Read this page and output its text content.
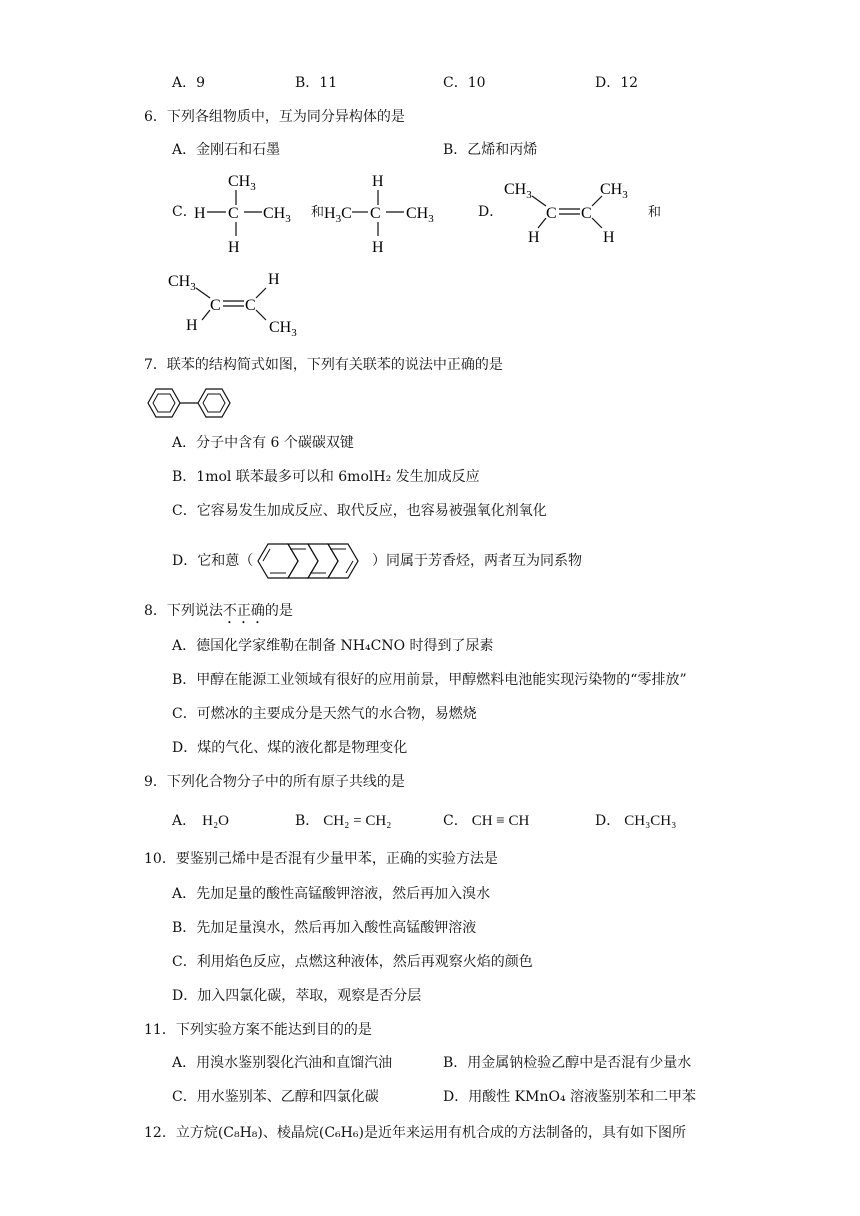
A．9	B．11	C．10	D．12
6．下列各组物质中，互为同分异构体的是
A．金刚石和石墨	B．乙烯和丙烯
C．
$CH_3$
H C $CH_3$
H
和
H
$H_3C$ C $CH_3$
H
D．
$CH_3$
C C
$CH_3$
H	H
和
$CH_3$
C C
H
H	$CH_3$
7．联苯的结构简式如图，下列有关联苯的说法中正确的是
A．分子中含有 6 个碳碳双键
B．1mol 联苯最多可以和 6molH₂ 发生加成反应
C．它容易发生加成反应、取代反应，也容易被强氧化剂氧化
D．它和蒽（	）同属于芳香烃，两者互为同系物
8．下列说法不正确的是
A．德国化学家维勒在制备 NH₄CNO 时得到了尿素
B．甲醇在能源工业领域有很好的应用前景，甲醇燃料电池能实现污染物的“零排放”
C．可燃冰的主要成分是天然气的水合物，易燃烧
D．煤的气化、煤的液化都是物理变化
9．下列化合物分子中的所有原子共线的是
A． H₂O	B． CH₂ = CH₂	C． CH ≡ CH	D． CH₃CH₃
10．要鉴别己烯中是否混有少量甲苯，正确的实验方法是
A．先加足量的酸性高锰酸钾溶液，然后再加入溴水
B．先加足量溴水，然后再加入酸性高锰酸钾溶液
C．利用焰色反应，点燃这种液体，然后再观察火焰的颜色
D．加入四氯化碳，萃取，观察是否分层
11．下列实验方案不能达到目的的是
A．用溴水鉴别裂化汽油和直馏汽油	B．用金属钠检验乙醇中是否混有少量水
C．用水鉴别苯、乙醇和四氯化碳	D．用酸性 KMnO₄ 溶液鉴别苯和二甲苯
12．立方烷(C₈H₈)、棱晶烷(C₆H₆)是近年来运用有机合成的方法制备的，具有如下图所
